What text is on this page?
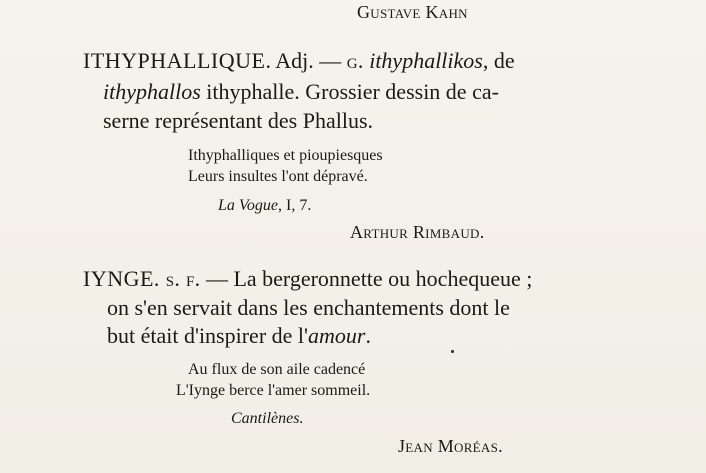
Gustave Kahn
ITHYPHALLIQUE. Adj. — g. ithyphallikos, de
ithyphallos ithyphalle. Grossier dessin de ca-
serne représentant des Phallus.
Ithyphalliques et pioupiesques
Leurs insultes l'ont dépravé.
La Vogue, I, 7.
Arthur Rimbaud.
IYNGE. s. f. — La bergeronnette ou hochequeue ;
on s'en servait dans les enchantements dont le
but était d'inspirer de l'amour.
Au flux de son aile cadencé
L'Iynge berce l'amer sommeil.
Cantilènes.
Jean Moréas.
